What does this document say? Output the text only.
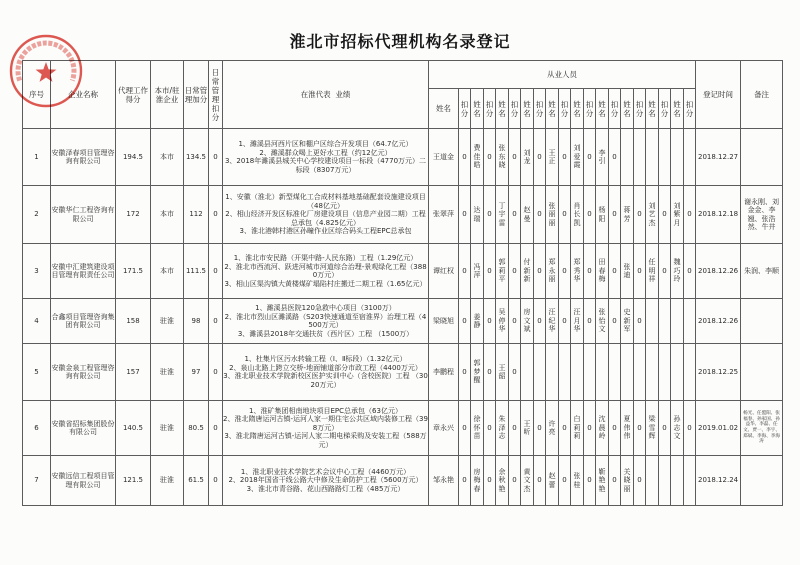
淮北市招标代理机构名录登记
序号	企业名称	代理工作得分	本市/驻淮企业	日常管理加分	日常管理扣分	在淮代表  业绩	从业人员																				登记时间	备注
							姓名	扣分	姓名	扣分	姓名	扣分	姓名	扣分	姓名	扣分	姓名	扣分	姓名	扣分	姓名	扣分	姓名	扣分	姓名	扣分		
1	安徽泽春项目管理咨询有限公司	194.5	本市	134.5	0	1、濉溪县河西片区和棚户区综合开发项目（64.7亿元）
2、濉溪群众喝上更好水工程（约12亿元）
3、2018年濉溪县城关中心学校建设项目一标段（4770万元）二标段（8307万元）	王道金	0	费佳晧	0	张东晓	0	刘龙	0	王正	0	刘爱霞	0	李引	0							2018.12.27	
2	安徽华仁工程咨询有限公司	172	本市	112	0	1、安徽（淮北）新型煤化工合成材料基地基础配套设施建设项目（48亿元）
2、相山经济开发区标准化厂房建设项目（信息产业园二期）工程总承包（4.825亿元）
3、淮北港韩村港区孙疃作业区综合码头工程EPC总承包	张翠萍	0	达瑞	0	丁宇雷	0	赵曼	0	张丽丽	0	肖长凯	0	杨阳	0	蒋芳	0	刘艺杰	0	刘紫月	0	2018.12.18	谢永刚、刘金金、李翘、张浩然、牛井
3	安徽中汇建筑建设项目管理有限责任公司	171.5	本市	111.5	0	1、淮北市安民路（开渠中路-人民东路）工程（1.29亿元）
2、淮北市西流河、跃进河城市河道综合治理-景观绿化工程（3880万元）
3、相山区渠沟镇大黄楼煤矿塌陷村庄搬迁二期工程（1.65亿元）	谭红权	0	冯萍	0	郭莉平	0	付新新	0	郑永丽	0	郑秀华	0	田春梅	0	张迪	0	任明祥	0	魏巧玲	0	2018.12.26	朱润、李顺
4	合鑫项目管理咨询集团有限公司	158	驻淮	98	0	1、濉溪县医院120急救中心项目（3100万）
2、淮北市烈山区濉溪路（S203快速通道至宿淮界）治理工程（4500万元）
3、濉溪县2018年交通扶贫（西片区）工程 （1500万）	梁晓旭	0	姜静	0	吴停华	0	房文斌	0	汪纪华	0	汪月华	0	张怡文	0	史新军	0					2018.12.26	
5	安徽金泉工程管理咨询有限公司	157	驻淮	97	0	1、杜集片区污水转输工程（Ⅰ、Ⅱ标段）（1.32亿元）
2、泉山北路上跨立交桥-地面铺道部分市政工程（4400万元）
3、淮北职业技术学院新校区医护实训中心（含校医院）工程 （3020万元）	李鹏程	0	郭梦醒	0	王韶	0															2018.12.25	
6	安徽省招标集团股份有限公司	140.5	驻淮	80.5	0	1、淮矿集团相南地块项目EPC总承包（63亿元）
2、淮北隋唐运河古镇-运河人家一期住宅公共区域内装修工程（398万元）
3、淮北隋唐运河古镇-运河人家二期电梯采购及安装工程（588万元）	章永兴	0	徐怀苗	0	朱泽志	0	王昕	0	许亮	0	白莉莉	0	沈晨岭	0	夏伟伟	0	梁雪辉	0	孙志文	0	2019.01.02	杨光、任盟阳、张福春、孙家国、孙益华、李磊、任文、贾一、李宇、郑斌、李海、李海涛
7	安徽远信工程项目管理有限公司	121.5	驻淮	61.5	0	1、淮北职业技术学院艺术会议中心工程（4460万元）
2、2018年国省干线公路大中修及生命防护工程（5600万元）
3、淮北市青谷路、花山西路路灯工程（485万元）	邹永艳	0	房梅春	0	余秋艳	0	黄文杰	0	赵蕾	0	张桂	0	靳艳艳	0	关晓丽	0					2018.12.24	
